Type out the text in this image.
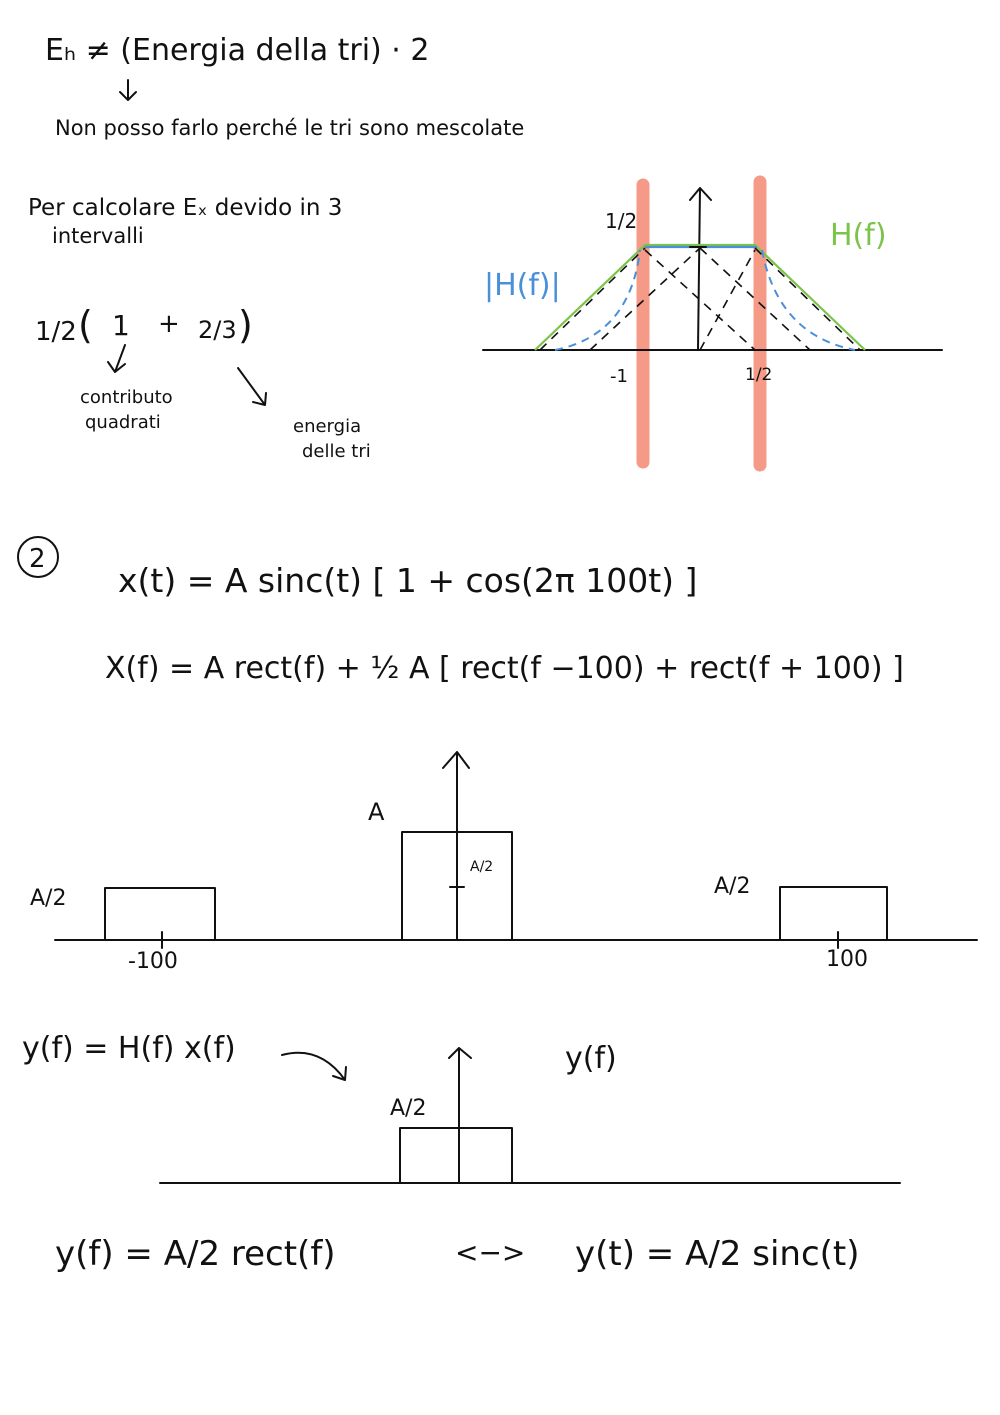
Eₕ ≠ (Energia della tri) · 2
Non posso farlo perché le tri sono mescolate
Per calcolare Eₓ devido in 3
intervalli
1/2 ( 1 + 2/3 )
contributo
quadrati	energia
delle tri
1/2
|H(f)|
H(f)
-1	1/2
2
x(t) = A sinc(t) [ 1 + cos(2π 100t) ]
X(f) = A rect(f) + ½ A [ rect(f −100) + rect(f + 100) ]
A/2
-100
A
A/2
A/2
100
y(f) = H(f) x(f)	y(f)
A/2
y(f) = A/2 rect(f)	<−> y(t) = A/2 sinc(t)
